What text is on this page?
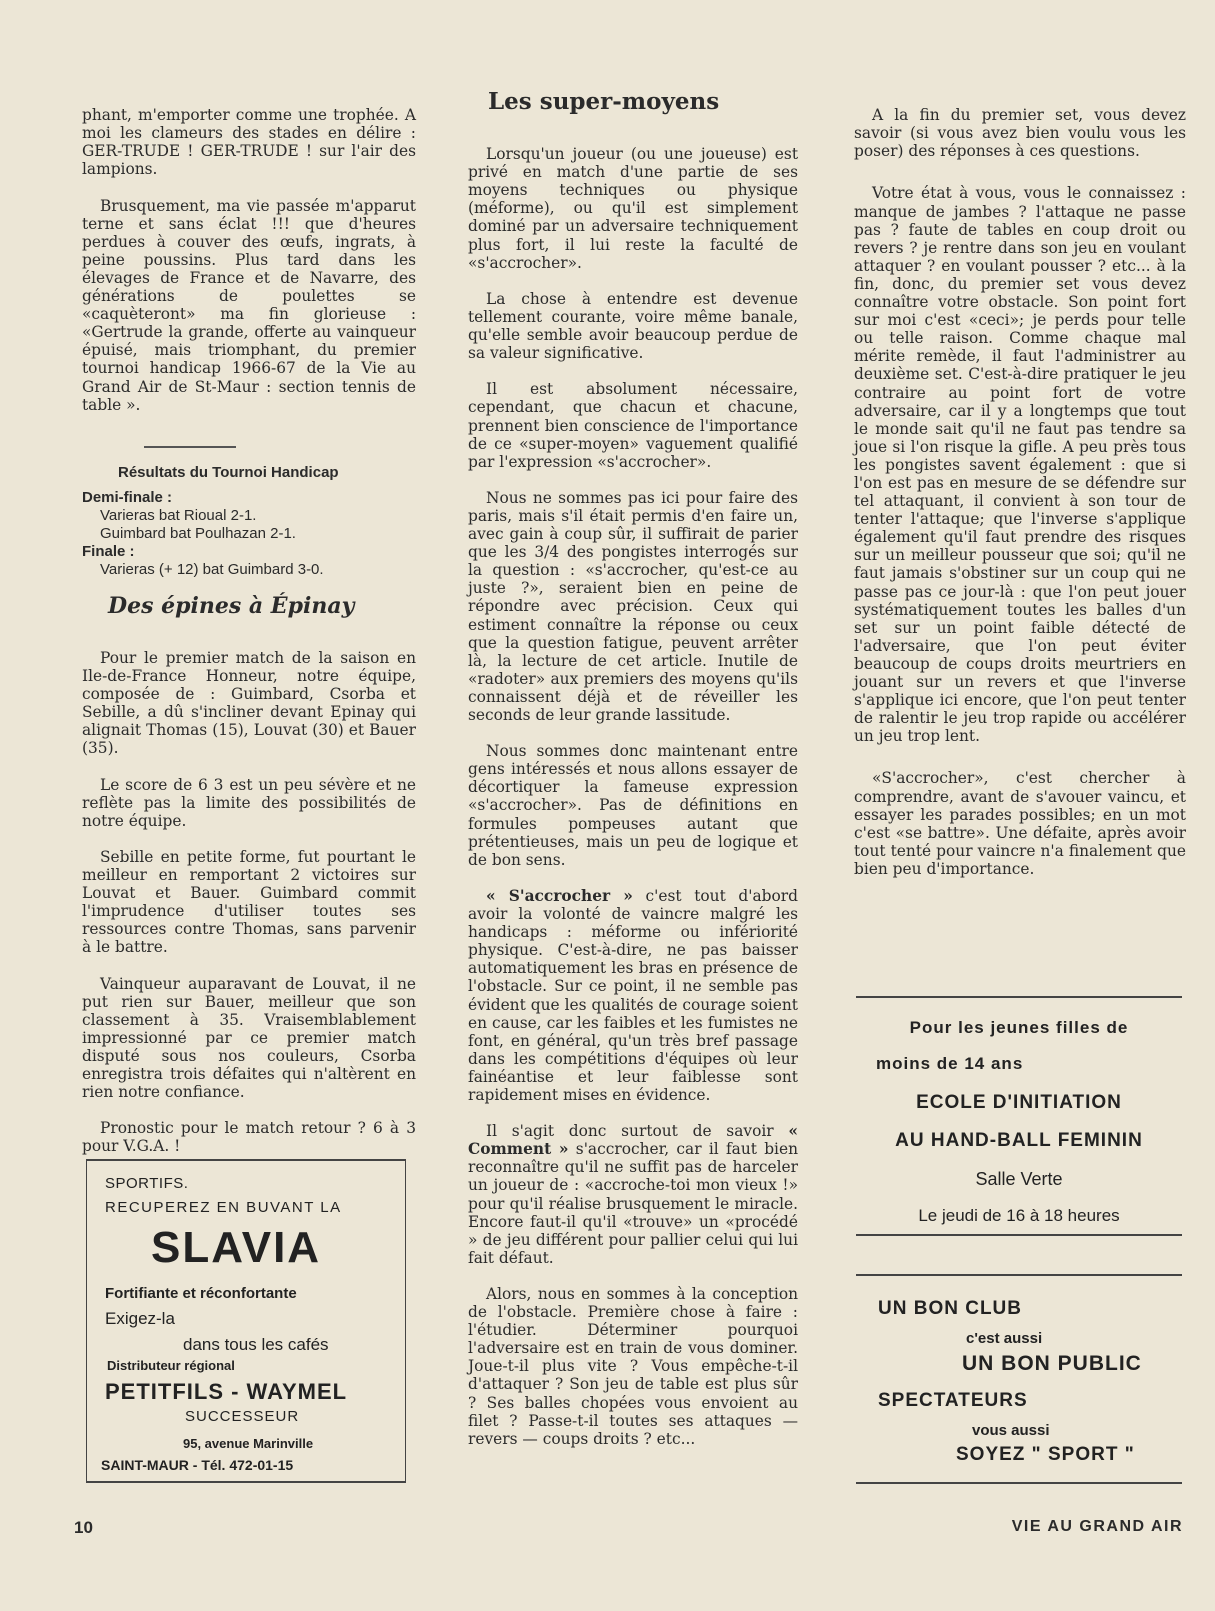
phant, m'emporter comme une trophée. A moi les clameurs des stades en délire : GER-TRUDE ! GER-TRUDE ! sur l'air des lampions.

Brusquement, ma vie passée m'apparut terne et sans éclat !!! que d'heures perdues à couver des œufs, ingrats, à peine poussins. Plus tard dans les élevages de France et de Navarre, des générations de poulettes se «caquèteront» ma fin glorieuse : «Gertrude la grande, offerte au vainqueur épuisé, mais triomphant, du premier tournoi handicap 1966-67 de la Vie au Grand Air de St-Maur : section tennis de table ».

Résultats du Tournoi Handicap
Demi-finale :
Varieras bat Rioual 2-1.
Guimbard bat Poulhazan 2-1.
Finale :
Varieras (+ 12) bat Guimbard 3-0.
Des épines à Épinay

Pour le premier match de la saison en Ile-de-France Honneur, notre équipe, composée de : Guimbard, Csorba et Sebille, a dû s'incliner devant Epinay qui alignait Thomas (15), Louvat (30) et Bauer (35).

Le score de 6 3 est un peu sévère et ne reflète pas la limite des possibilités de notre équipe.

Sebille en petite forme, fut pourtant le meilleur en remportant 2 victoires sur Louvat et Bauer. Guimbard commit l'imprudence d'utiliser toutes ses ressources contre Thomas, sans parvenir à le battre.

Vainqueur auparavant de Louvat, il ne put rien sur Bauer, meilleur que son classement à 35. Vraisemblablement impressionné par ce premier match disputé sous nos couleurs, Csorba enregistra trois défaites qui n'altèrent en rien notre confiance.

Pronostic pour le match retour ? 6 à 3 pour V.G.A. !

SPORTIFS.
RECUPEREZ EN BUVANT LA
SLAVIA
Fortifiante et réconfortante
Exigez-la
dans tous les cafés
Distributeur régional
PETITFILS - WAYMEL
SUCCESSEUR
95, avenue Marinville
SAINT-MAUR - Tél. 472-01-15
Les super-moyens

Lorsqu'un joueur (ou une joueuse) est privé en match d'une partie de ses moyens techniques ou physique (méforme), ou qu'il est simplement dominé par un adversaire techniquement plus fort, il lui reste la faculté de «s'accrocher».

La chose à entendre est devenue tellement courante, voire même banale, qu'elle semble avoir beaucoup perdue de sa valeur significative.

Il est absolument nécessaire, cependant, que chacun et chacune, prennent bien conscience de l'importance de ce «super-moyen» vaguement qualifié par l'expression «s'accrocher».

Nous ne sommes pas ici pour faire des paris, mais s'il était permis d'en faire un, avec gain à coup sûr, il suffirait de parier que les 3/4 des pongistes interrogés sur la question : «s'accrocher, qu'est-ce au juste ?», seraient bien en peine de répondre avec précision. Ceux qui estiment connaître la réponse ou ceux que la question fatigue, peuvent arrêter là, la lecture de cet article. Inutile de «radoter» aux premiers des moyens qu'ils connaissent déjà et de réveiller les seconds de leur grande lassitude.

Nous sommes donc maintenant entre gens intéressés et nous allons essayer de décortiquer la fameuse expression «s'accrocher». Pas de définitions en formules pompeuses autant que prétentieuses, mais un peu de logique et de bon sens.

« S'accrocher » c'est tout d'abord avoir la volonté de vaincre malgré les handicaps : méforme ou infériorité physique. C'est-à-dire, ne pas baisser automatiquement les bras en présence de l'obstacle. Sur ce point, il ne semble pas évident que les qualités de courage soient en cause, car les faibles et les fumistes ne font, en général, qu'un très bref passage dans les compétitions d'équipes où leur fainéantise et leur faiblesse sont rapidement mises en évidence.

Il s'agit donc surtout de savoir « Comment » s'accrocher, car il faut bien reconnaître qu'il ne suffit pas de harceler un joueur de : «accroche-toi mon vieux !» pour qu'il réalise brusquement le miracle. Encore faut-il qu'il «trouve» un «procédé » de jeu différent pour pallier celui qui lui fait défaut.

Alors, nous en sommes à la conception de l'obstacle. Première chose à faire : l'étudier. Déterminer pourquoi l'adversaire est en train de vous dominer. Joue-t-il plus vite ? Vous empêche-t-il d'attaquer ? Son jeu de table est plus sûr ? Ses balles chopées vous envoient au filet ? Passe-t-il toutes ses attaques — revers — coups droits ? etc...

A la fin du premier set, vous devez savoir (si vous avez bien voulu vous les poser) des réponses à ces questions.

Votre état à vous, vous le connaissez : manque de jambes ? l'attaque ne passe pas ? faute de tables en coup droit ou revers ? je rentre dans son jeu en voulant attaquer ? en voulant pousser ? etc... à la fin, donc, du premier set vous devez connaître votre obstacle. Son point fort sur moi c'est «ceci»; je perds pour telle ou telle raison. Comme chaque mal mérite remède, il faut l'administrer au deuxième set. C'est-à-dire pratiquer le jeu contraire au point fort de votre adversaire, car il y a longtemps que tout le monde sait qu'il ne faut pas tendre sa joue si l'on risque la gifle. A peu près tous les pongistes savent également : que si l'on est pas en mesure de se défendre sur tel attaquant, il convient à son tour de tenter l'attaque; que l'inverse s'applique également qu'il faut prendre des risques sur un meilleur pousseur que soi; qu'il ne faut jamais s'obstiner sur un coup qui ne passe pas ce jour-là : que l'on peut jouer systématiquement toutes les balles d'un set sur un point faible détecté de l'adversaire, que l'on peut éviter beaucoup de coups droits meurtriers en jouant sur un revers et que l'inverse s'applique ici encore, que l'on peut tenter de ralentir le jeu trop rapide ou accélérer un jeu trop lent.

«S'accrocher», c'est chercher à comprendre, avant de s'avouer vaincu, et essayer les parades possibles; en un mot c'est «se battre». Une défaite, après avoir tout tenté pour vaincre n'a finalement que bien peu d'importance.

Pour les jeunes filles de
moins de 14 ans
ECOLE D'INITIATION
AU HAND-BALL FEMININ
Salle Verte
Le jeudi de 16 à 18 heures
UN BON CLUB
c'est aussi
UN BON PUBLIC
SPECTATEURS
vous aussi
SOYEZ " SPORT "
10	VIE AU GRAND AIR
